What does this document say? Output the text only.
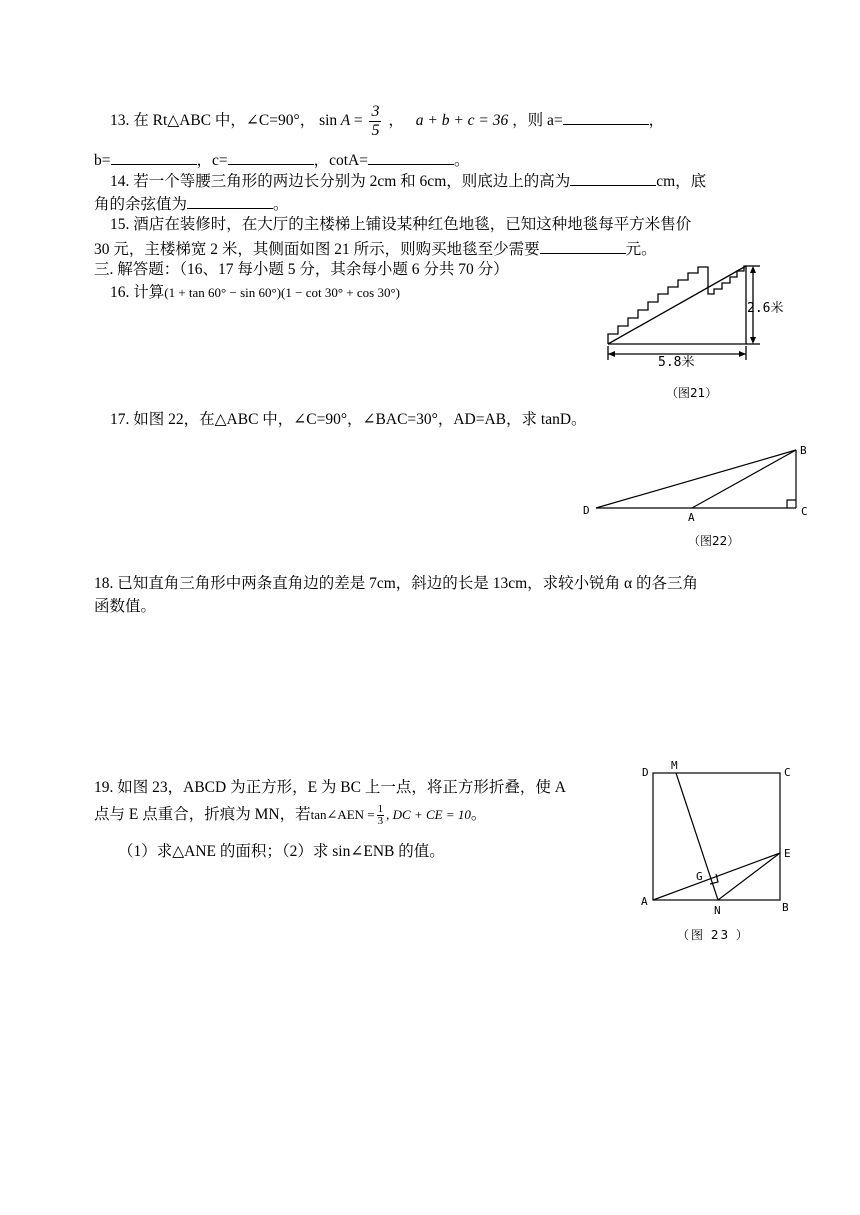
13. 在 Rt△ABC 中，∠C=90°， $\sin A = \frac{3}{5}$ ， a + b + c = 36 ，则 a=	，
b=	，c=	，cotA=	。
14. 若一个等腰三角形的两边长分别为 2cm 和 6cm，则底边上的高为	cm，底
角的余弦值为	。
15. 酒店在装修时，在大厅的主楼梯上铺设某种红色地毯，已知这种地毯每平方米售价
30 元，主楼梯宽 2 米，其侧面如图 21 所示，则购买地毯至少需要	元。
三. 解答题：（16、17 每小题 5 分，其余每小题 6 分共 70 分）
16. 计算(1 + tan 60° − sin 60°)(1 − cot 30° + cos 30°)
2.6米
5.8米
（图21）
17. 如图 22，在△ABC 中，∠C=90°，∠BAC=30°，AD=AB，求 tanD。
B
C
D
A
（图22）
18. 已知直角三角形中两条直角边的差是 7cm，斜边的长是 13cm，求较小锐角 α 的各三角
函数值。
19. 如图 23，ABCD 为正方形，E 为 BC 上一点，将正方形折叠，使 A
点与 E 点重合，折痕为 MN，若tan∠AEN = $\frac{1}{3}$ , DC + CE = 10。
（1）求△ANE 的面积；（2）求 sin∠ENB 的值。
D
M
C
E
G
A
N	B
（图 23 ）
